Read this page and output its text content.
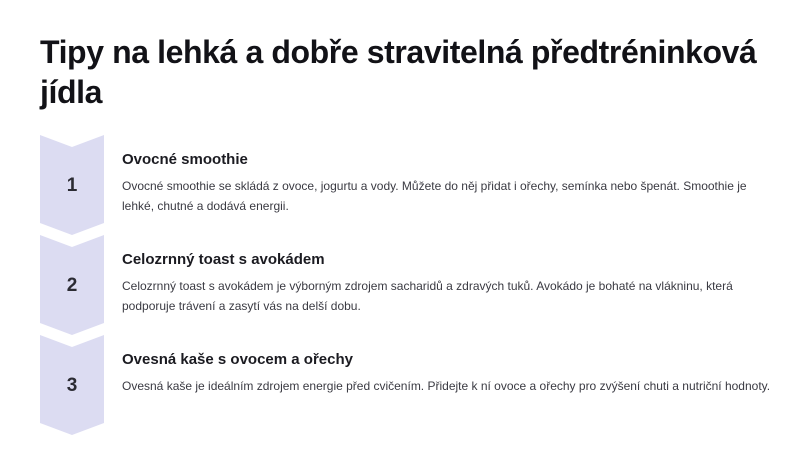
Tipy na lehká a dobře stravitelná předtréninková jídla
1
Ovocné smoothie

Ovocné smoothie se skládá z ovoce, jogurtu a vody. Můžete do něj přidat i ořechy, semínka nebo špenát. Smoothie je lehké, chutné a dodává energii.

2
Celozrnný toast s avokádem

Celozrnný toast s avokádem je výborným zdrojem sacharidů a zdravých tuků. Avokádo je bohaté na vlákninu, která podporuje trávení a zasytí vás na delší dobu.

3
Ovesná kaše s ovocem a ořechy

Ovesná kaše je ideálním zdrojem energie před cvičením. Přidejte k ní ovoce a ořechy pro zvýšení chuti a nutriční hodnoty.
